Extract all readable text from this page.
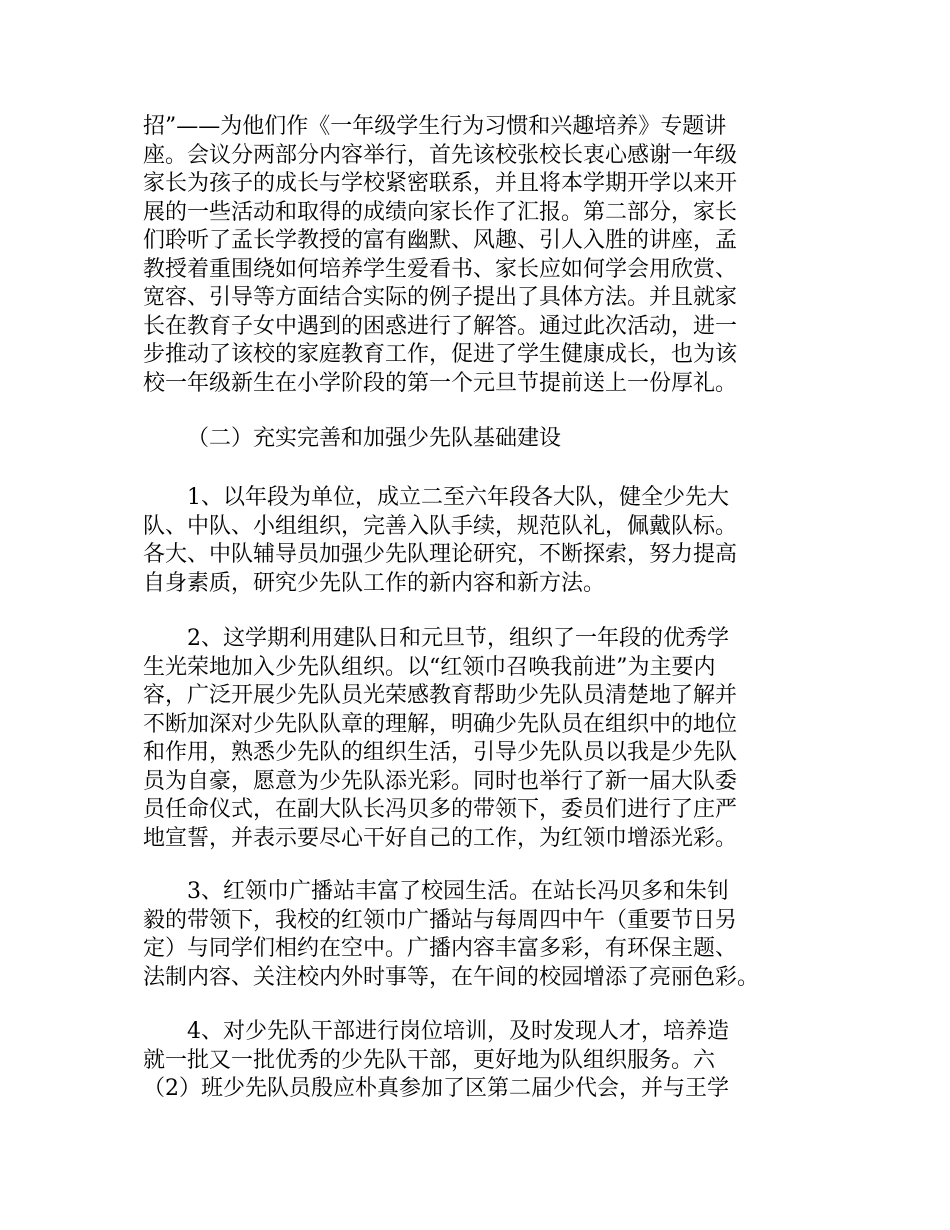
招”——为他们作《一年级学生行为习惯和兴趣培养》专题讲
座。会议分两部分内容举行，首先该校张校长衷心感谢一年级
家长为孩子的成长与学校紧密联系，并且将本学期开学以来开
展的一些活动和取得的成绩向家长作了汇报。第二部分，家长
们聆听了孟长学教授的富有幽默、风趣、引人入胜的讲座，孟
教授着重围绕如何培养学生爱看书、家长应如何学会用欣赏、
宽容、引导等方面结合实际的例子提出了具体方法。并且就家
长在教育子女中遇到的困惑进行了解答。通过此次活动，进一
步推动了该校的家庭教育工作，促进了学生健康成长，也为该
校一年级新生在小学阶段的第一个元旦节提前送上一份厚礼。
（二）充实完善和加强少先队基础建设
1、以年段为单位，成立二至六年段各大队，健全少先大
队、中队、小组组织，完善入队手续，规范队礼，佩戴队标。
各大、中队辅导员加强少先队理论研究，不断探索，努力提高
自身素质，研究少先队工作的新内容和新方法。
2、这学期利用建队日和元旦节，组织了一年段的优秀学
生光荣地加入少先队组织。以“红领巾召唤我前进”为主要内
容，广泛开展少先队员光荣感教育帮助少先队员清楚地了解并
不断加深对少先队队章的理解，明确少先队员在组织中的地位
和作用，熟悉少先队的组织生活，引导少先队员以我是少先队
员为自豪，愿意为少先队添光彩。同时也举行了新一届大队委
员任命仪式，在副大队长冯贝多的带领下，委员们进行了庄严
地宣誓，并表示要尽心干好自己的工作，为红领巾增添光彩。
3、红领巾广播站丰富了校园生活。在站长冯贝多和朱钊
毅的带领下，我校的红领巾广播站与每周四中午（重要节日另
定）与同学们相约在空中。广播内容丰富多彩，有环保主题、
法制内容、关注校内外时事等，在午间的校园增添了亮丽色彩。
4、对少先队干部进行岗位培训，及时发现人才，培养造
就一批又一批优秀的少先队干部，更好地为队组织服务。六
（2）班少先队员殷应朴真参加了区第二届少代会，并与王学
